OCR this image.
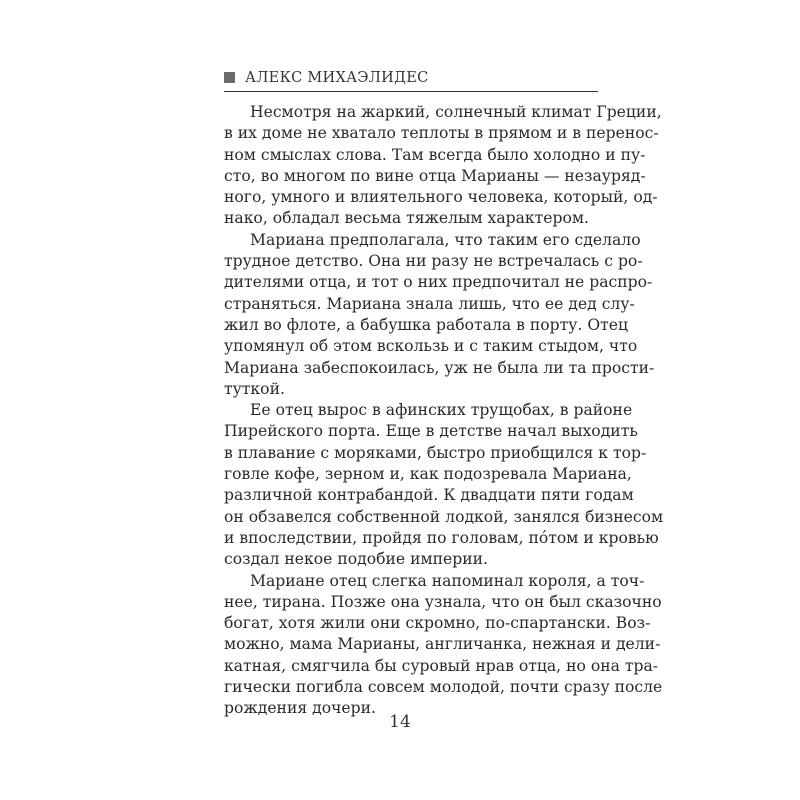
АЛЕКС МИХАЭЛИДЕС
Несмотря на жаркий, солнечный климат Греции,
в их доме не хватало теплоты в прямом и в перенос-
ном смыслах слова. Там всегда было холодно и пу-
сто, во многом по вине отца Марианы — незауряд-
ного, умного и влиятельного человека, который, од-
нако, обладал весьма тяжелым характером.
Мариана предполагала, что таким его сделало
трудное детство. Она ни разу не встречалась с ро-
дителями отца, и тот о них предпочитал не распро-
страняться. Мариана знала лишь, что ее дед слу-
жил во флоте, а бабушка работала в порту. Отец
упомянул об этом вскользь и с таким стыдом, что
Мариана забеспокоилась, уж не была ли та прости-
туткой.
Ее отец вырос в афинских трущобах, в районе
Пирейского порта. Еще в детстве начал выходить
в плавание с моряками, быстро приобщился к тор-
говле кофе, зерном и, как подозревала Мариана,
различной контрабандой. К двадцати пяти годам
он обзавелся собственной лодкой, занялся бизнесом
и впоследствии, пройдя по головам, по́том и кровью
создал некое подобие империи.
Мариане отец слегка напоминал короля, а точ-
нее, тирана. Позже она узнала, что он был сказочно
богат, хотя жили они скромно, по-спартански. Воз-
можно, мама Марианы, англичанка, нежная и дели-
катная, смягчила бы суровый нрав отца, но она тра-
гически погибла совсем молодой, почти сразу после
рождения дочери.
14
